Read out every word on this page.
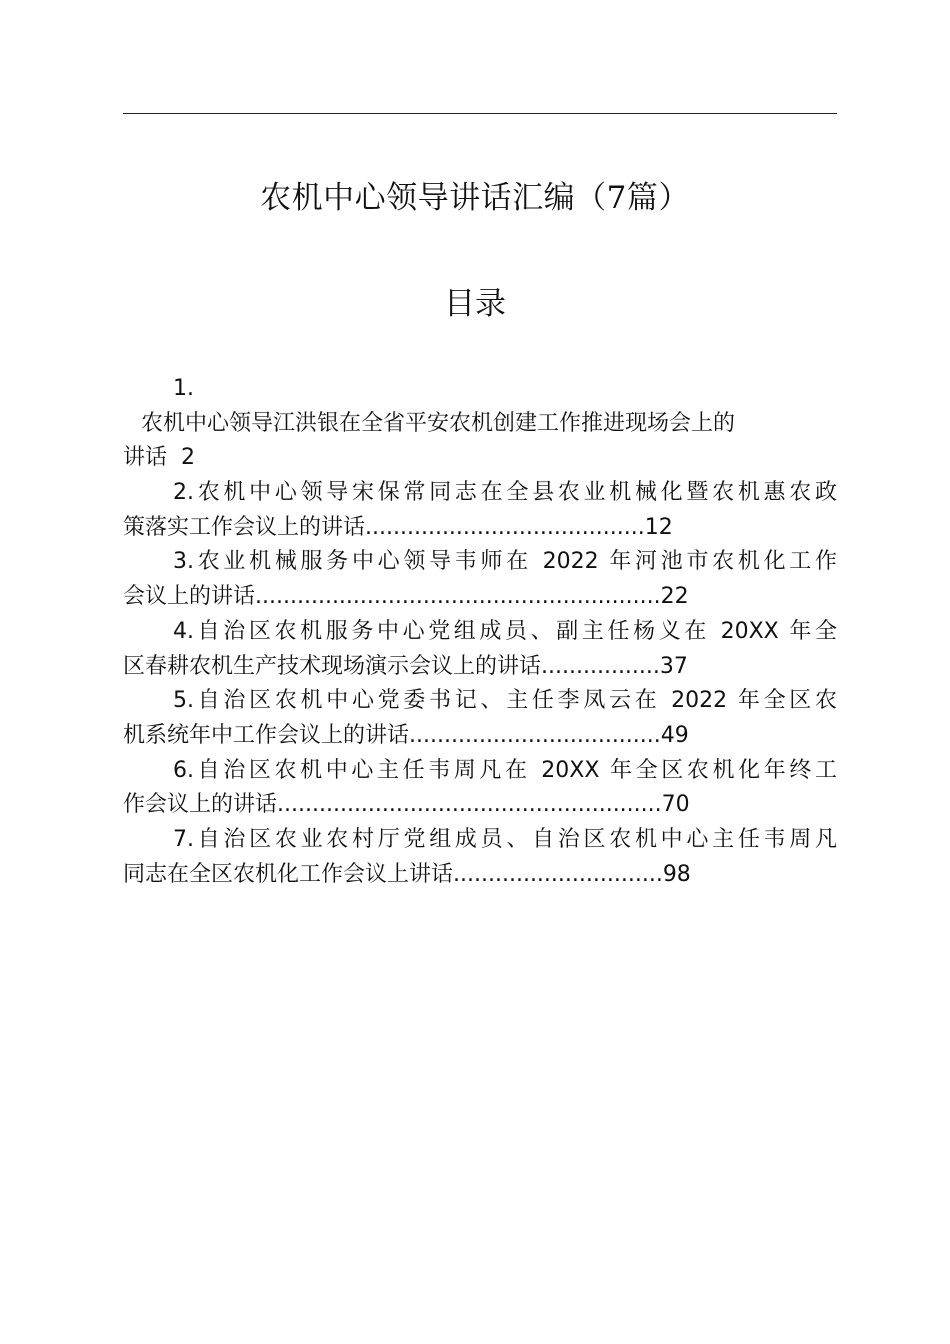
农机中心领导讲话汇编（7篇）
目录
1.
农机中心领导江洪银在全省平安农机创建工作推进现场会上的
讲话 2
2.农机中心领导宋保常同志在全县农业机械化暨农机惠农政
策落实工作会议上的讲话........................................12
3.农业机械服务中心领导韦师在 2022 年河池市农机化工作
会议上的讲话..........................................................22
4.自治区农机服务中心党组成员、副主任杨义在 20XX 年全
区春耕农机生产技术现场演示会议上的讲话.................37
5.自治区农机中心党委书记、主任李凤云在 2022 年全区农
机系统年中工作会议上的讲话....................................49
6.自治区农机中心主任韦周凡在 20XX 年全区农机化年终工
作会议上的讲话.......................................................70
7.自治区农业农村厅党组成员、自治区农机中心主任韦周凡
同志在全区农机化工作会议上讲话..............................98
